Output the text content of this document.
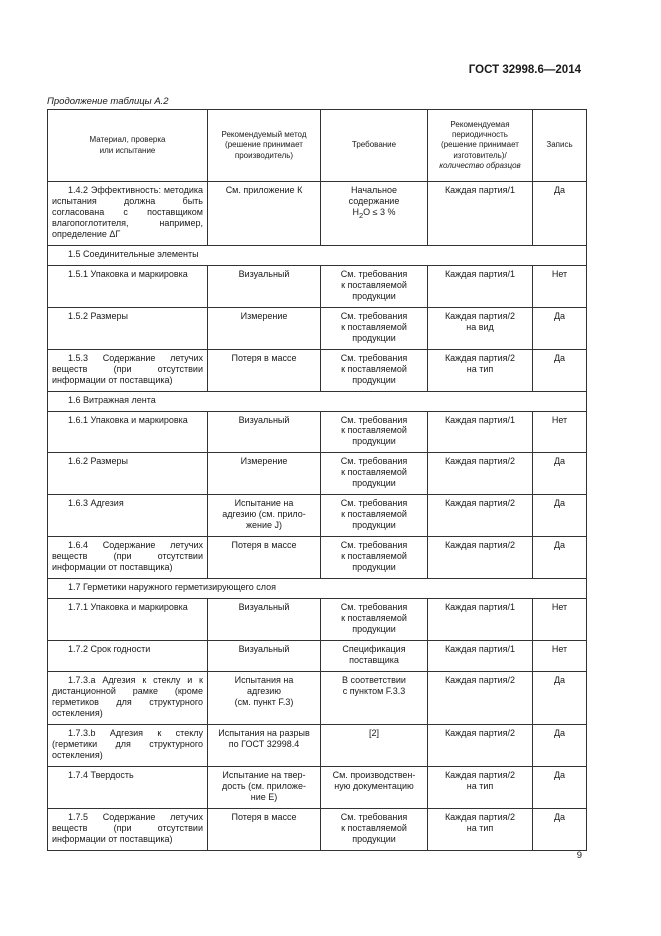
ГОСТ 32998.6—2014
Продолжение таблицы А.2
Материал, проверка
или испытание	Рекомендуемый метод
(решение принимает
производитель)	Требование	Рекомендуемая
периодичность
(решение принимает
изготовитель)/
количество образцов	Запись
1.4.2 Эффективность: методика испытания должна быть согласована с поставщиком влагопоглотителя, например, определение ΔΓ	См. приложение К	Начальное
содержание
$H_2O \le 3$ %	Каждая партия/1	Да
1.5 Соединительные элементы				
1.5.1 Упаковка и маркировка	Визуальный	См. требования
к поставляемой
продукции	Каждая партия/1	Нет
1.5.2 Размеры	Измерение	См. требования
к поставляемой
продукции	Каждая партия/2
на вид	Да
1.5.3 Содержание летучих веществ (при отсутствии информации от поставщика)	Потеря в массе	См. требования
к поставляемой
продукции	Каждая партия/2
на тип	Да
1.6 Витражная лента				
1.6.1 Упаковка и маркировка	Визуальный	См. требования
к поставляемой
продукции	Каждая партия/1	Нет
1.6.2 Размеры	Измерение	См. требования
к поставляемой
продукции	Каждая партия/2	Да
1.6.3 Адгезия	Испытание на
адгезию (см. прило-
жение J)	См. требования
к поставляемой
продукции	Каждая партия/2	Да
1.6.4 Содержание летучих веществ (при отсутствии информации от поставщика)	Потеря в массе	См. требования
к поставляемой
продукции	Каждая партия/2	Да
1.7 Герметики наружного герметизирующего слоя				
1.7.1 Упаковка и маркировка	Визуальный	См. требования
к поставляемой
продукции	Каждая партия/1	Нет
1.7.2 Срок годности	Визуальный	Спецификация
поставщика	Каждая партия/1	Нет
1.7.3.а Адгезия к стеклу и к дистанционной рамке (кроме герметиков для структурного остекления)	Испытания на
адгезию
(см. пункт F.3)	В соответствии
с пунктом F.3.3	Каждая партия/2	Да
1.7.3.b Адгезия к стеклу (герметики для структурного остекления)	Испытания на разрыв
по ГОСТ 32998.4	[2]	Каждая партия/2	Да
1.7.4 Твердость	Испытание на твер-
дость (см. приложе-
ние Е)	См. производствен-
ную документацию	Каждая партия/2
на тип	Да
1.7.5 Содержание летучих веществ (при отсутствии информации от поставщика)	Потеря в массе	См. требования
к поставляемой
продукции	Каждая партия/2
на тип	Да
9
